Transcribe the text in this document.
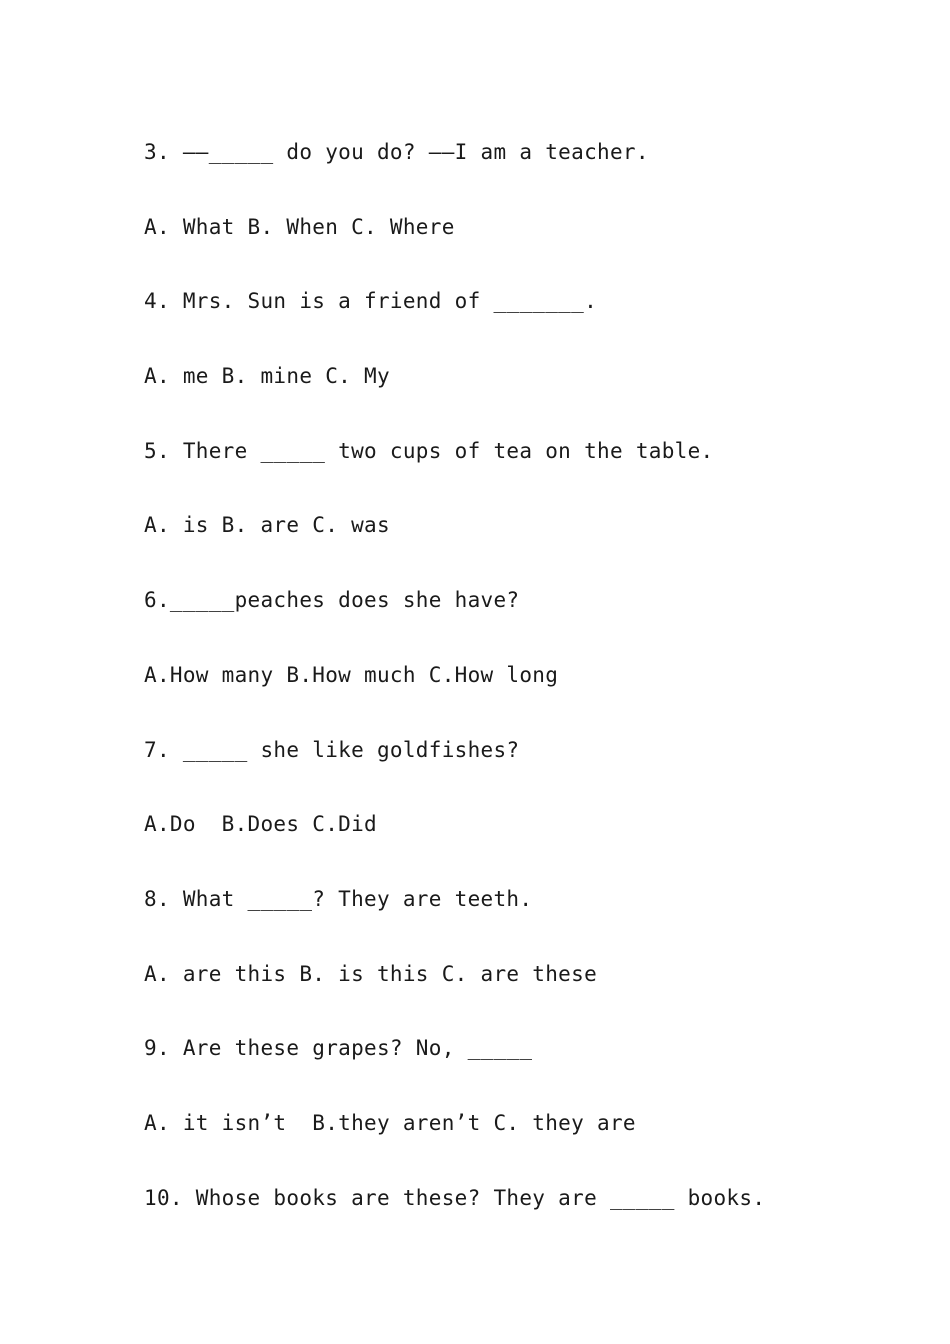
3. ——_____ do you do? ——I am a teacher.
A. What B. When C. Where
4. Mrs. Sun is a friend of _______.
A. me B. mine C. My
5. There _____ two cups of tea on the table.
A. is B. are C. was
6._____peaches does she have?
A.How many B.How much C.How long
7. _____ she like goldfishes?
A.Do  B.Does C.Did
8. What _____? They are teeth.
A. are this B. is this C. are these
9. Are these grapes? No, _____
A. it isn’t  B.they aren’t C. they are
10. Whose books are these? They are _____ books.
